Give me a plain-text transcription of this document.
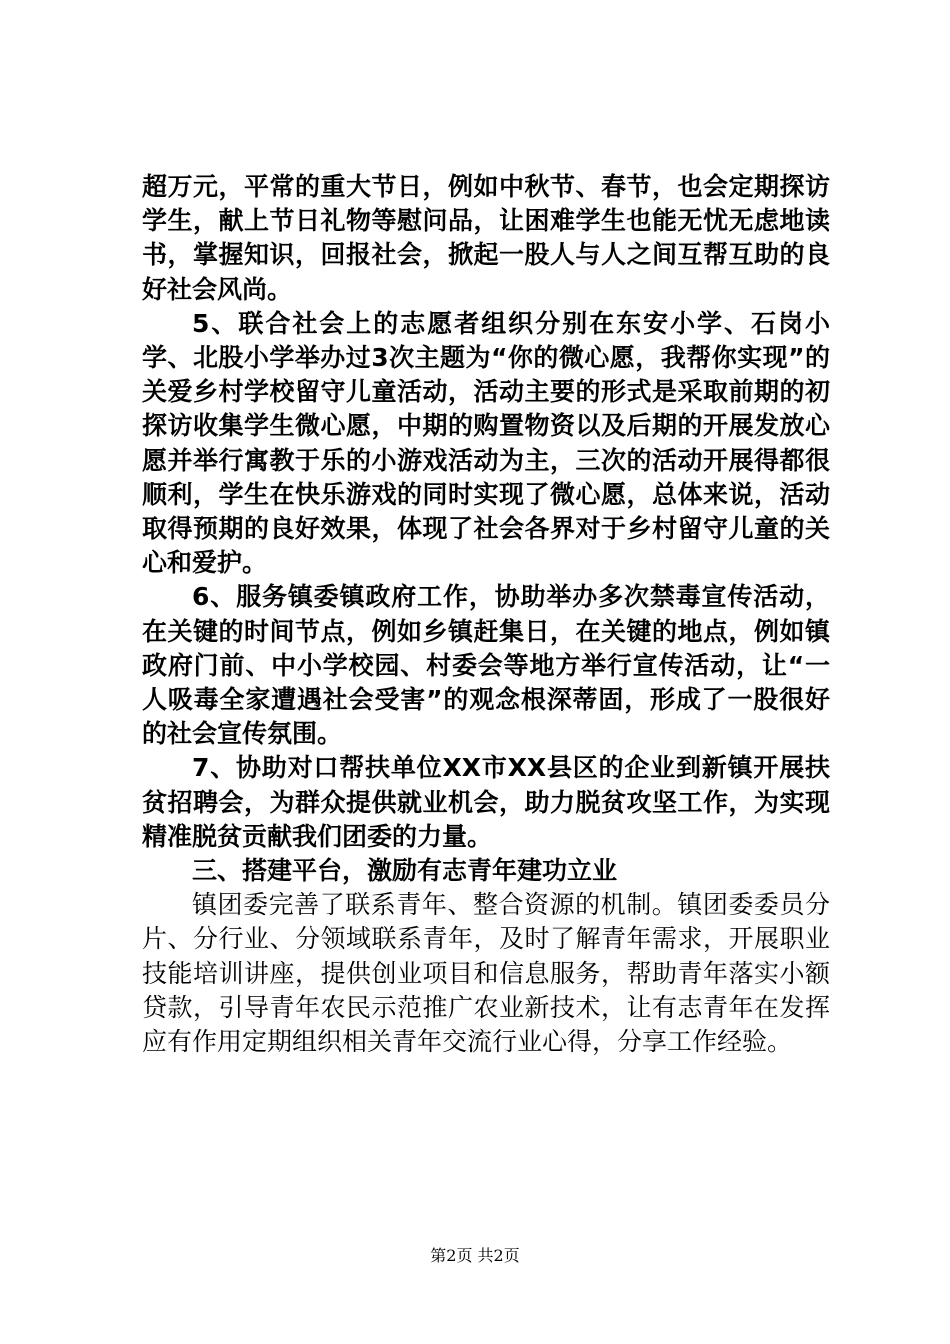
超万元，平常的重大节日，例如中秋节、春节，也会定期探访学生，献上节日礼物等慰问品，让困难学生也能无忧无虑地读书，掌握知识，回报社会，掀起一股人与人之间互帮互助的良好社会风尚。

5、联合社会上的志愿者组织分别在东安小学、石岗小学、北股小学举办过3次主题为“你的微心愿，我帮你实现”的关爱乡村学校留守儿童活动，活动主要的形式是采取前期的初探访收集学生微心愿，中期的购置物资以及后期的开展发放心愿并举行寓教于乐的小游戏活动为主，三次的活动开展得都很顺利，学生在快乐游戏的同时实现了微心愿，总体来说，活动取得预期的良好效果，体现了社会各界对于乡村留守儿童的关心和爱护。

6、服务镇委镇政府工作，协助举办多次禁毒宣传活动，在关键的时间节点，例如乡镇赶集日，在关键的地点，例如镇政府门前、中小学校园、村委会等地方举行宣传活动，让“一人吸毒全家遭遇社会受害”的观念根深蒂固，形成了一股很好的社会宣传氛围。

7、协助对口帮扶单位XX市XX县区的企业到新镇开展扶贫招聘会，为群众提供就业机会，助力脱贫攻坚工作，为实现精准脱贫贡献我们团委的力量。

三、搭建平台，激励有志青年建功立业

镇团委完善了联系青年、整合资源的机制。镇团委委员分片、分行业、分领域联系青年，及时了解青年需求，开展职业技能培训讲座，提供创业项目和信息服务，帮助青年落实小额贷款，引导青年农民示范推广农业新技术，让有志青年在发挥应有作用定期组织相关青年交流行业心得，分享工作经验。

第2页 共2页
